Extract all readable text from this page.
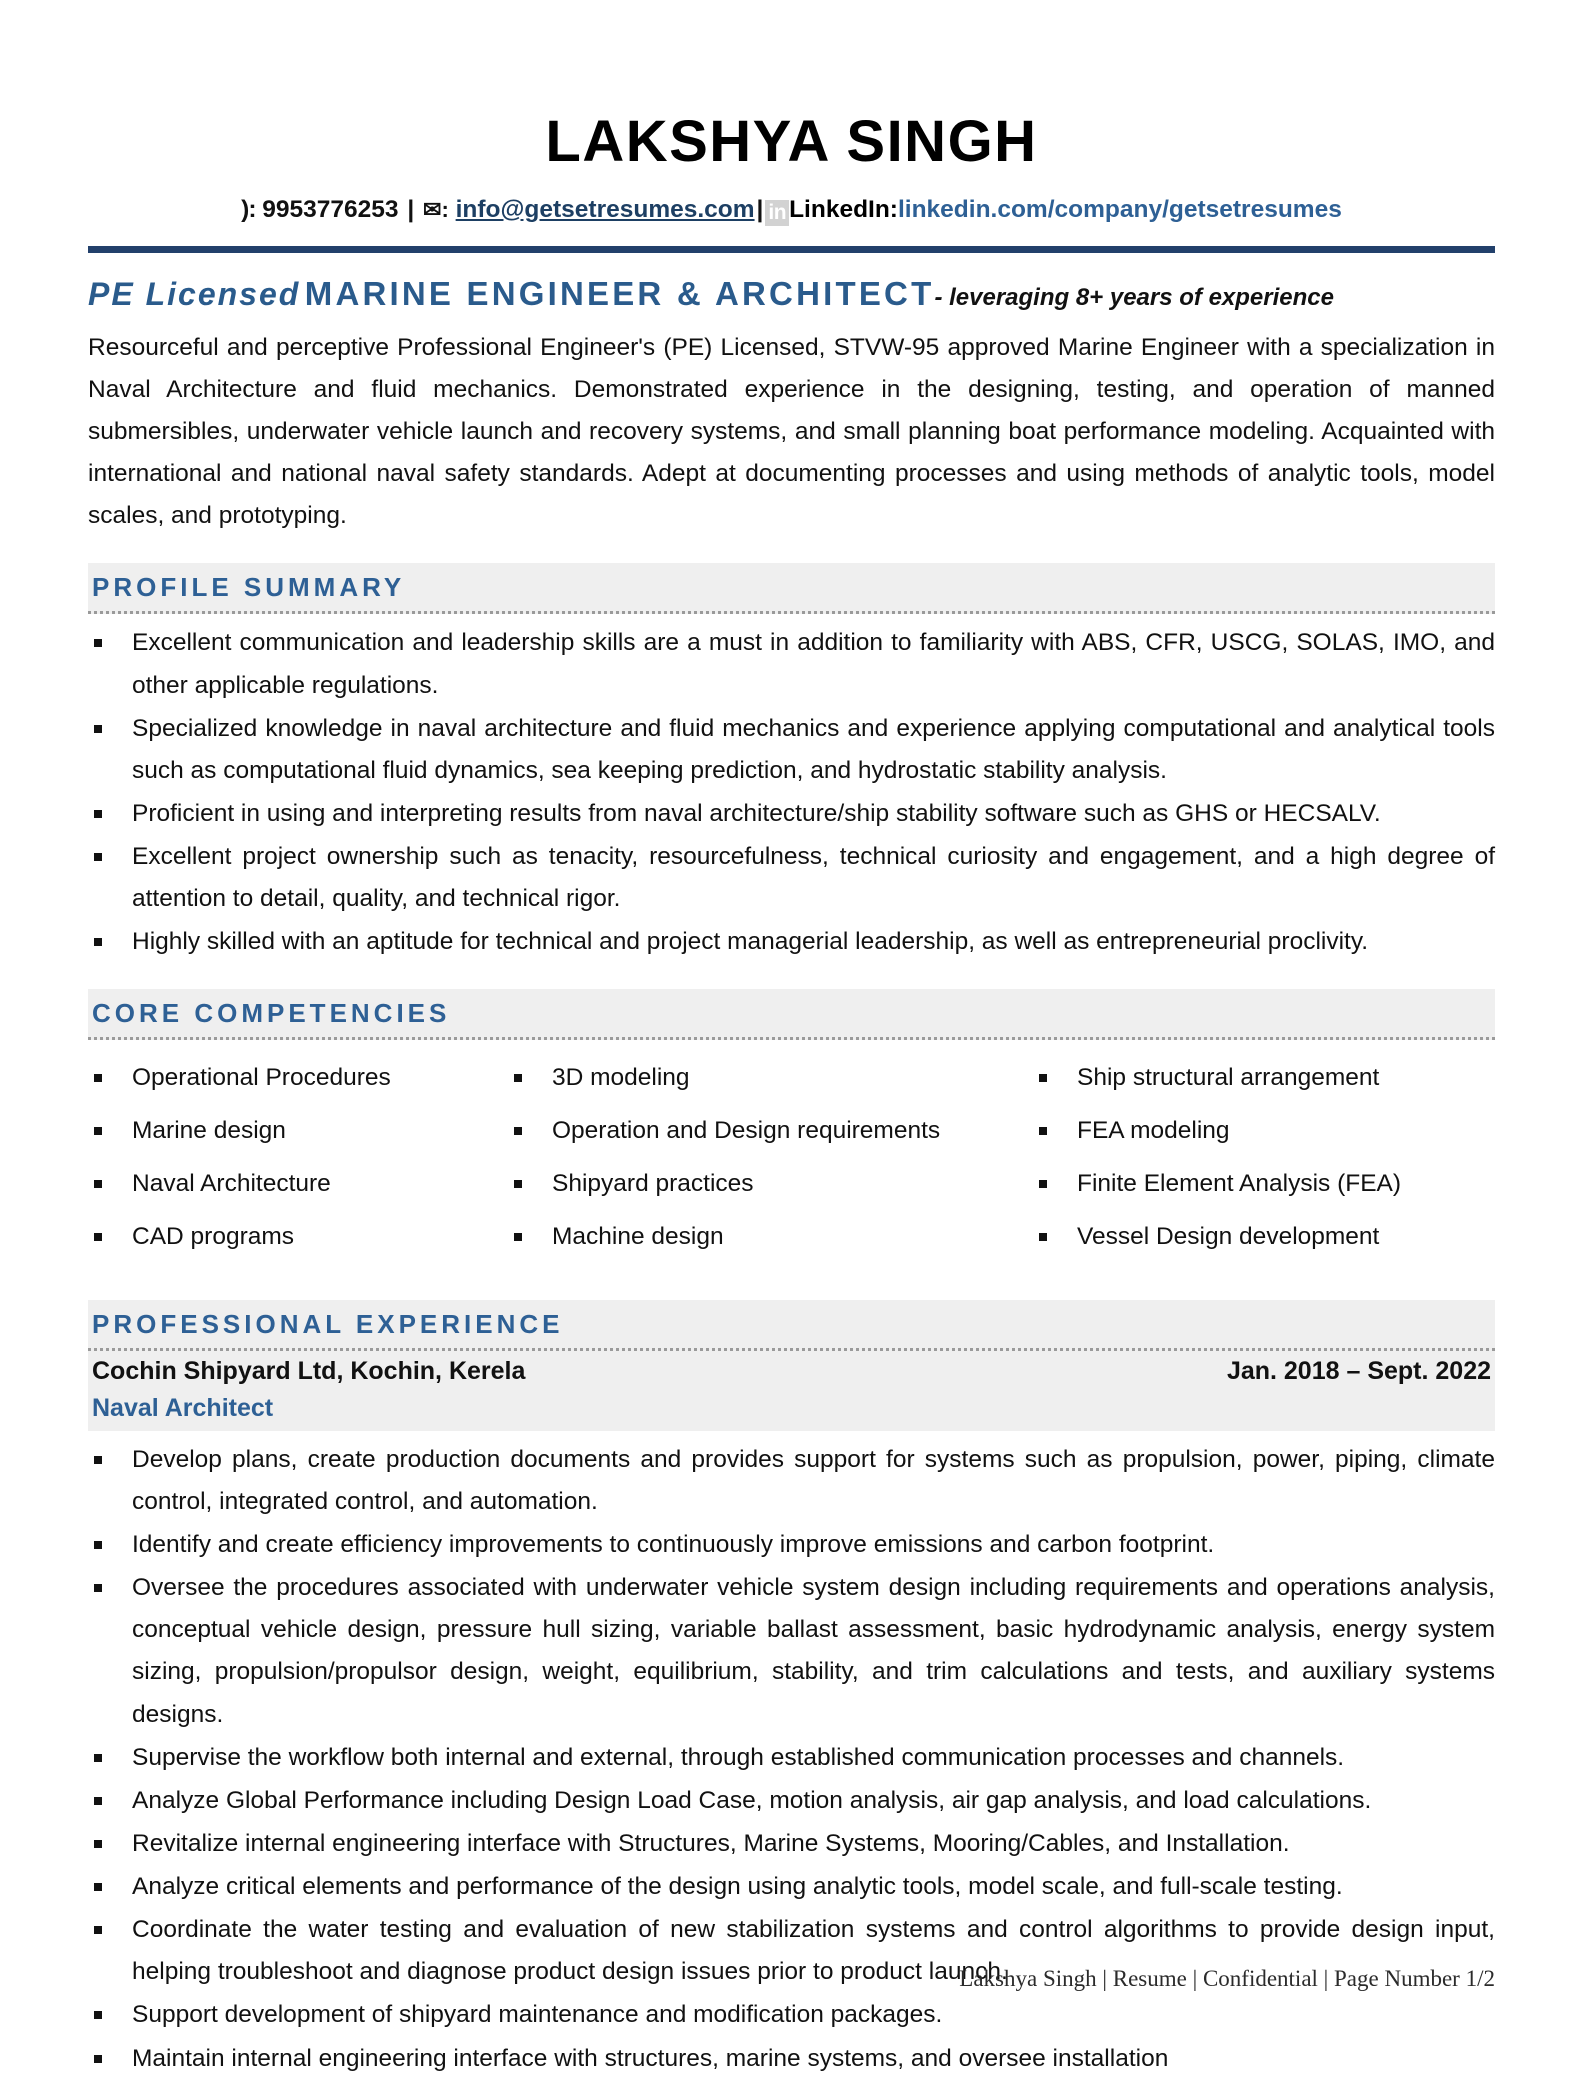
LAKSHYA SINGH
): 9953776253 | ✉: info@getsetresumes.com| in LinkedIn:linkedin.com/company/getsetresumes
PE Licensed MARINE ENGINEER & ARCHITECT- leveraging 8+ years of experience
Resourceful and perceptive Professional Engineer's (PE) Licensed, STVW-95 approved Marine Engineer with a specialization in Naval Architecture and fluid mechanics. Demonstrated experience in the designing, testing, and operation of manned submersibles, underwater vehicle launch and recovery systems, and small planning boat performance modeling. Acquainted with international and national naval safety standards. Adept at documenting processes and using methods of analytic tools, model scales, and prototyping.
PROFILE SUMMARY
Excellent communication and leadership skills are a must in addition to familiarity with ABS, CFR, USCG, SOLAS, IMO, and other applicable regulations.
Specialized knowledge in naval architecture and fluid mechanics and experience applying computational and analytical tools such as computational fluid dynamics, sea keeping prediction, and hydrostatic stability analysis.
Proficient in using and interpreting results from naval architecture/ship stability software such as GHS or HECSALV.
Excellent project ownership such as tenacity, resourcefulness, technical curiosity and engagement, and a high degree of attention to detail, quality, and technical rigor.
Highly skilled with an aptitude for technical and project managerial leadership, as well as entrepreneurial proclivity.
CORE COMPETENCIES
Operational Procedures
Marine design
Naval Architecture
CAD programs
3D modeling
Operation and Design requirements
Shipyard practices
Machine design
Ship structural arrangement
FEA modeling
Finite Element Analysis (FEA)
Vessel Design development
PROFESSIONAL EXPERIENCE
Cochin Shipyard Ltd, Kochin, Kerela	Jan. 2018 – Sept. 2022
Naval Architect
Develop plans, create production documents and provides support for systems such as propulsion, power, piping, climate control, integrated control, and automation.
Identify and create efficiency improvements to continuously improve emissions and carbon footprint.
Oversee the procedures associated with underwater vehicle system design including requirements and operations analysis, conceptual vehicle design, pressure hull sizing, variable ballast assessment, basic hydrodynamic analysis, energy system sizing, propulsion/propulsor design, weight, equilibrium, stability, and trim calculations and tests, and auxiliary systems designs.
Supervise the workflow both internal and external, through established communication processes and channels.
Analyze Global Performance including Design Load Case, motion analysis, air gap analysis, and load calculations.
Revitalize internal engineering interface with Structures, Marine Systems, Mooring/Cables, and Installation.
Analyze critical elements and performance of the design using analytic tools, model scale, and full-scale testing.
Coordinate the water testing and evaluation of new stabilization systems and control algorithms to provide design input, helping troubleshoot and diagnose product design issues prior to product launch.
Support development of shipyard maintenance and modification packages.
Maintain internal engineering interface with structures, marine systems, and oversee installation
Lakshya Singh | Resume | Confidential | Page Number 1/2
